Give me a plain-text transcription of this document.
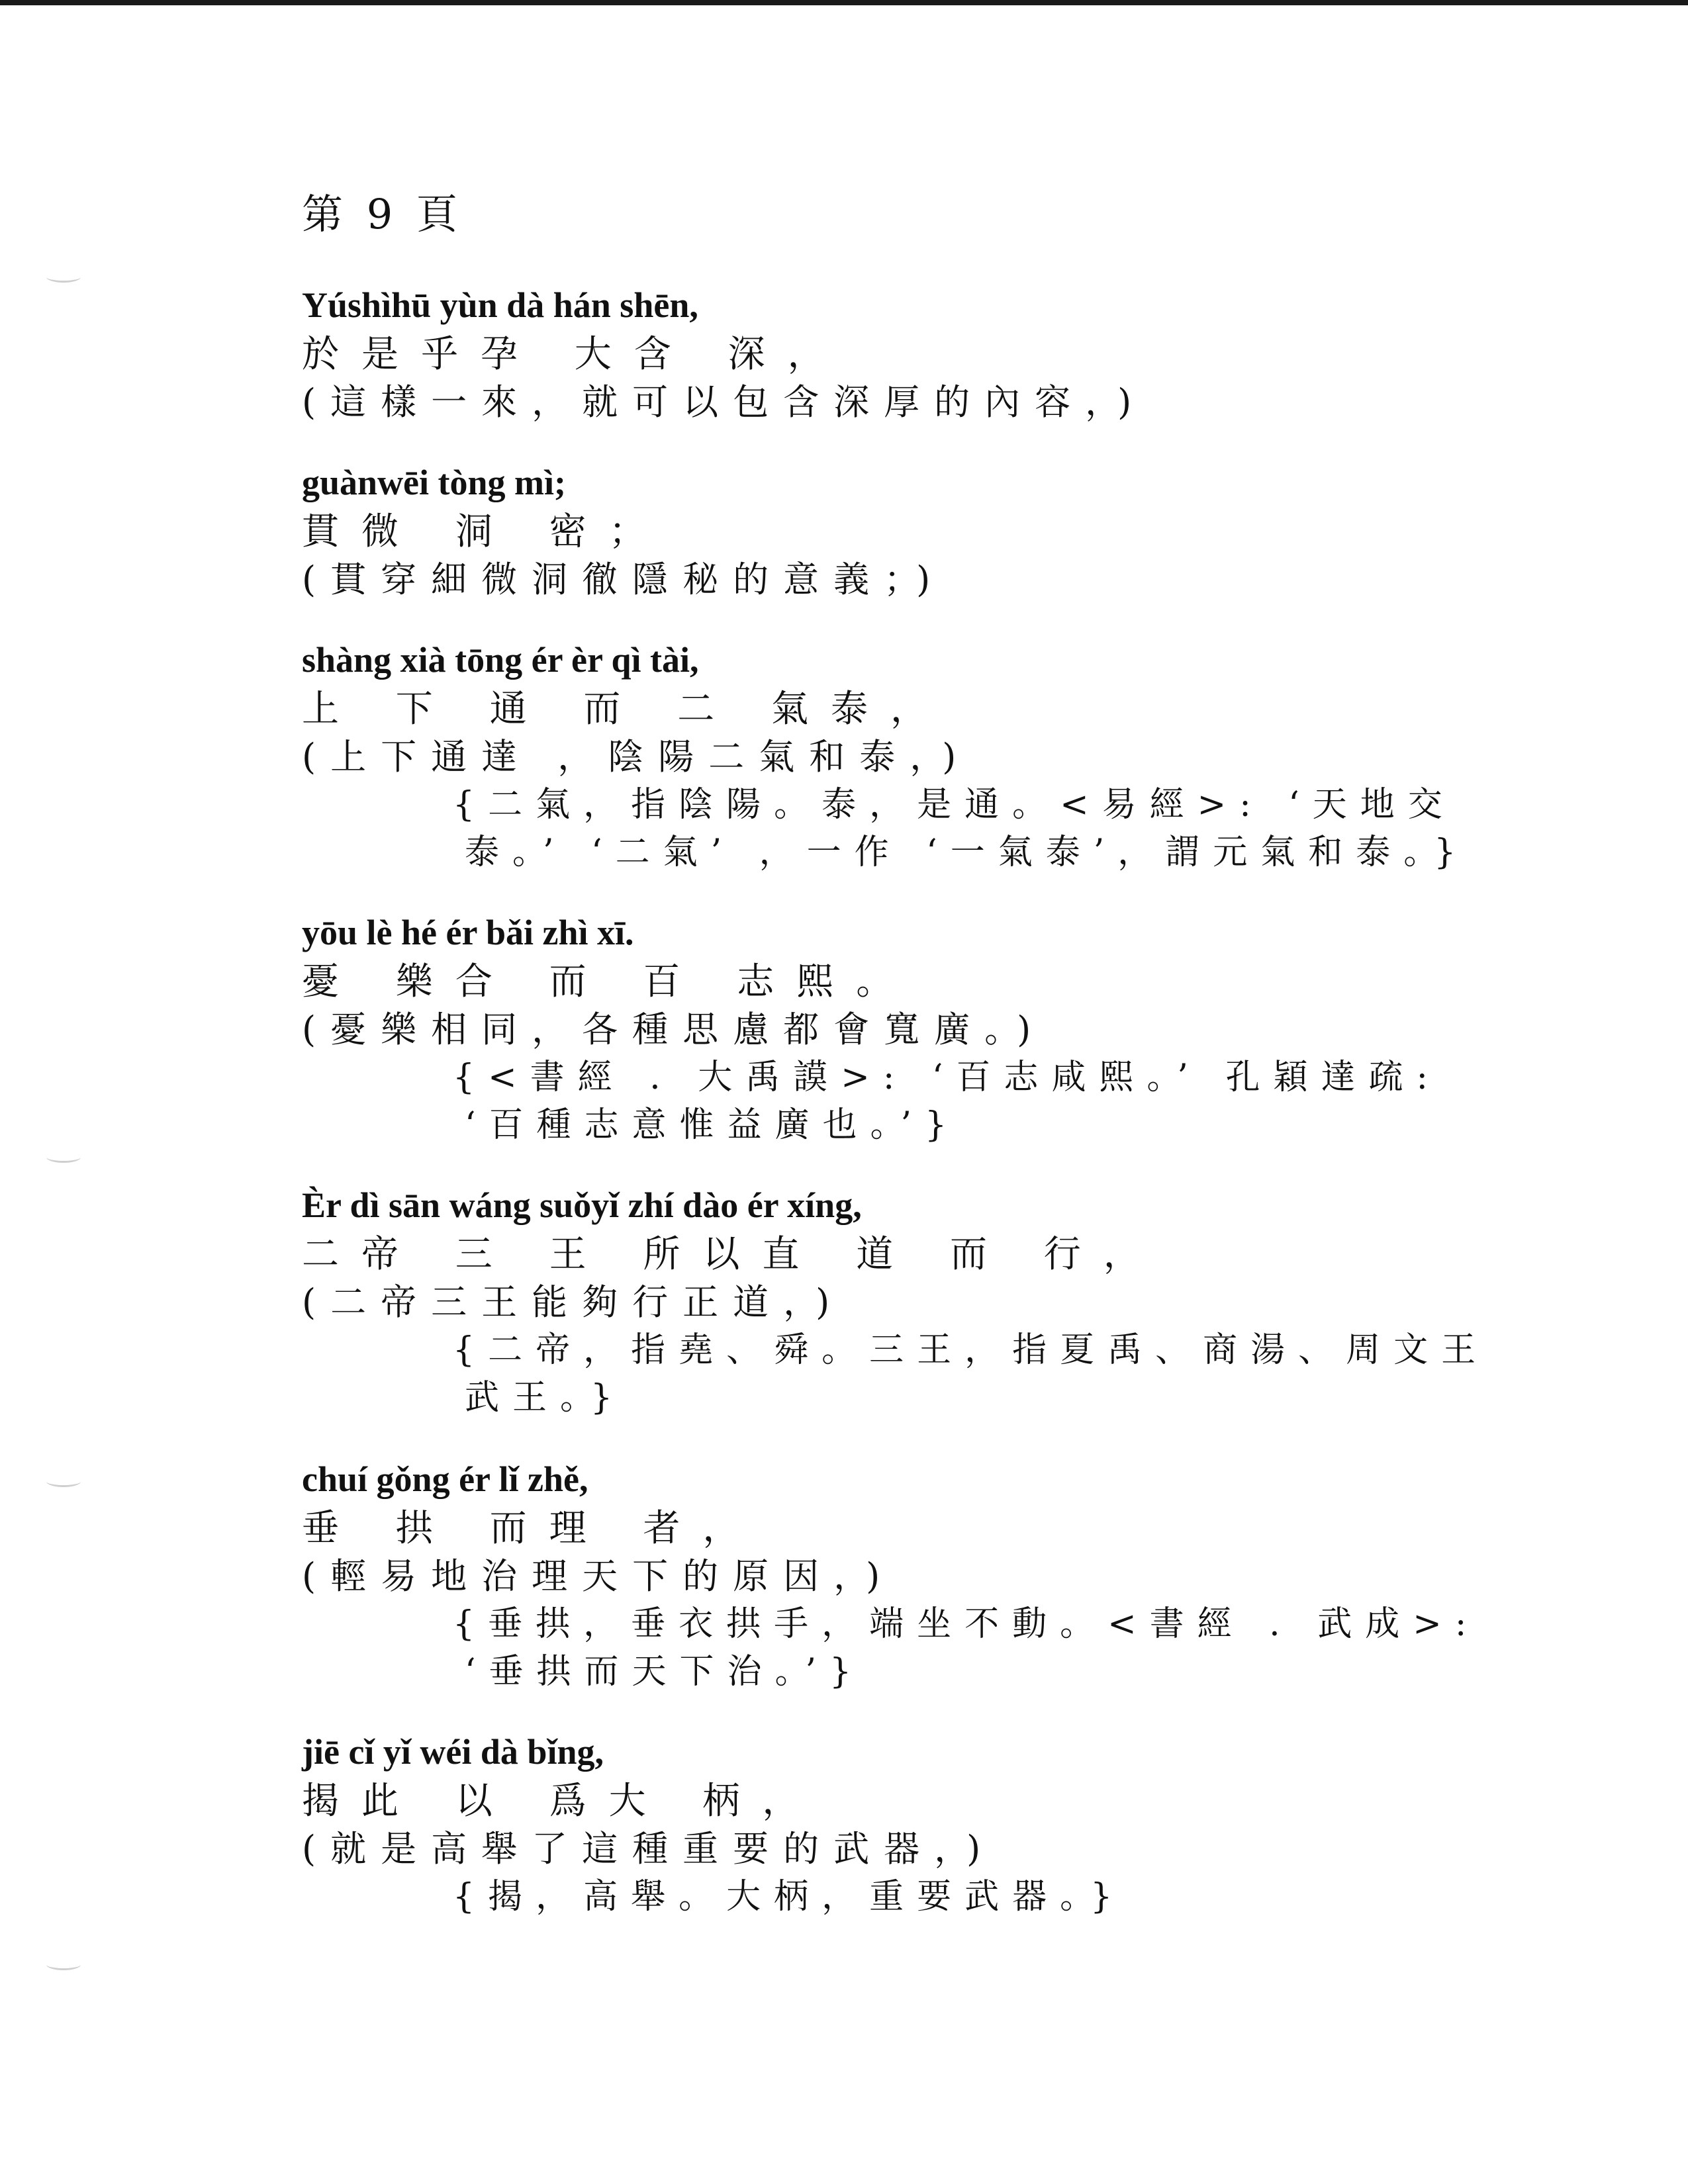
第 9 頁
Yúshìhū yùn dà hán shēn,
於是乎孕 大含 深，
(這樣一來，就可以包含深厚的內容，)
guànwēi tòng mì;
貫微 洞 密；
(貫穿細微洞徹隱秘的意義；)
shàng xià tōng ér èr qì tài,
上 下 通 而 二 氣泰，
(上下通達 ，陰陽二氣和泰，)
{二氣，指陰陽。泰，是通。<易經>: ‘天地交
泰。’ ‘二氣’ ，一作 ‘一氣泰’，謂元氣和泰。}
yōu lè hé ér bǎi zhì xī.
憂 樂合 而 百 志熙。
(憂樂相同，各種思慮都會寬廣。)
{<書經 . 大禹謨>: ‘百志咸熙。’ 孔穎達疏:
‘百種志意惟益廣也。’}
Èr dì sān wáng suǒyǐ zhí dào ér xíng,
二帝 三 王 所以直 道 而 行，
(二帝三王能夠行正道，)
{二帝，指堯、舜。三王，指夏禹、商湯、周文王
武王。}
chuí gǒng ér lǐ zhě,
垂 拱 而理 者，
(輕易地治理天下的原因，)
{垂拱，垂衣拱手，端坐不動。<書經 . 武成>:
‘垂拱而天下治。’}
jiē cǐ yǐ wéi dà bǐng,
揭此 以 爲大 柄，
(就是高舉了這種重要的武器，)
{揭，高舉。大柄，重要武器。}
